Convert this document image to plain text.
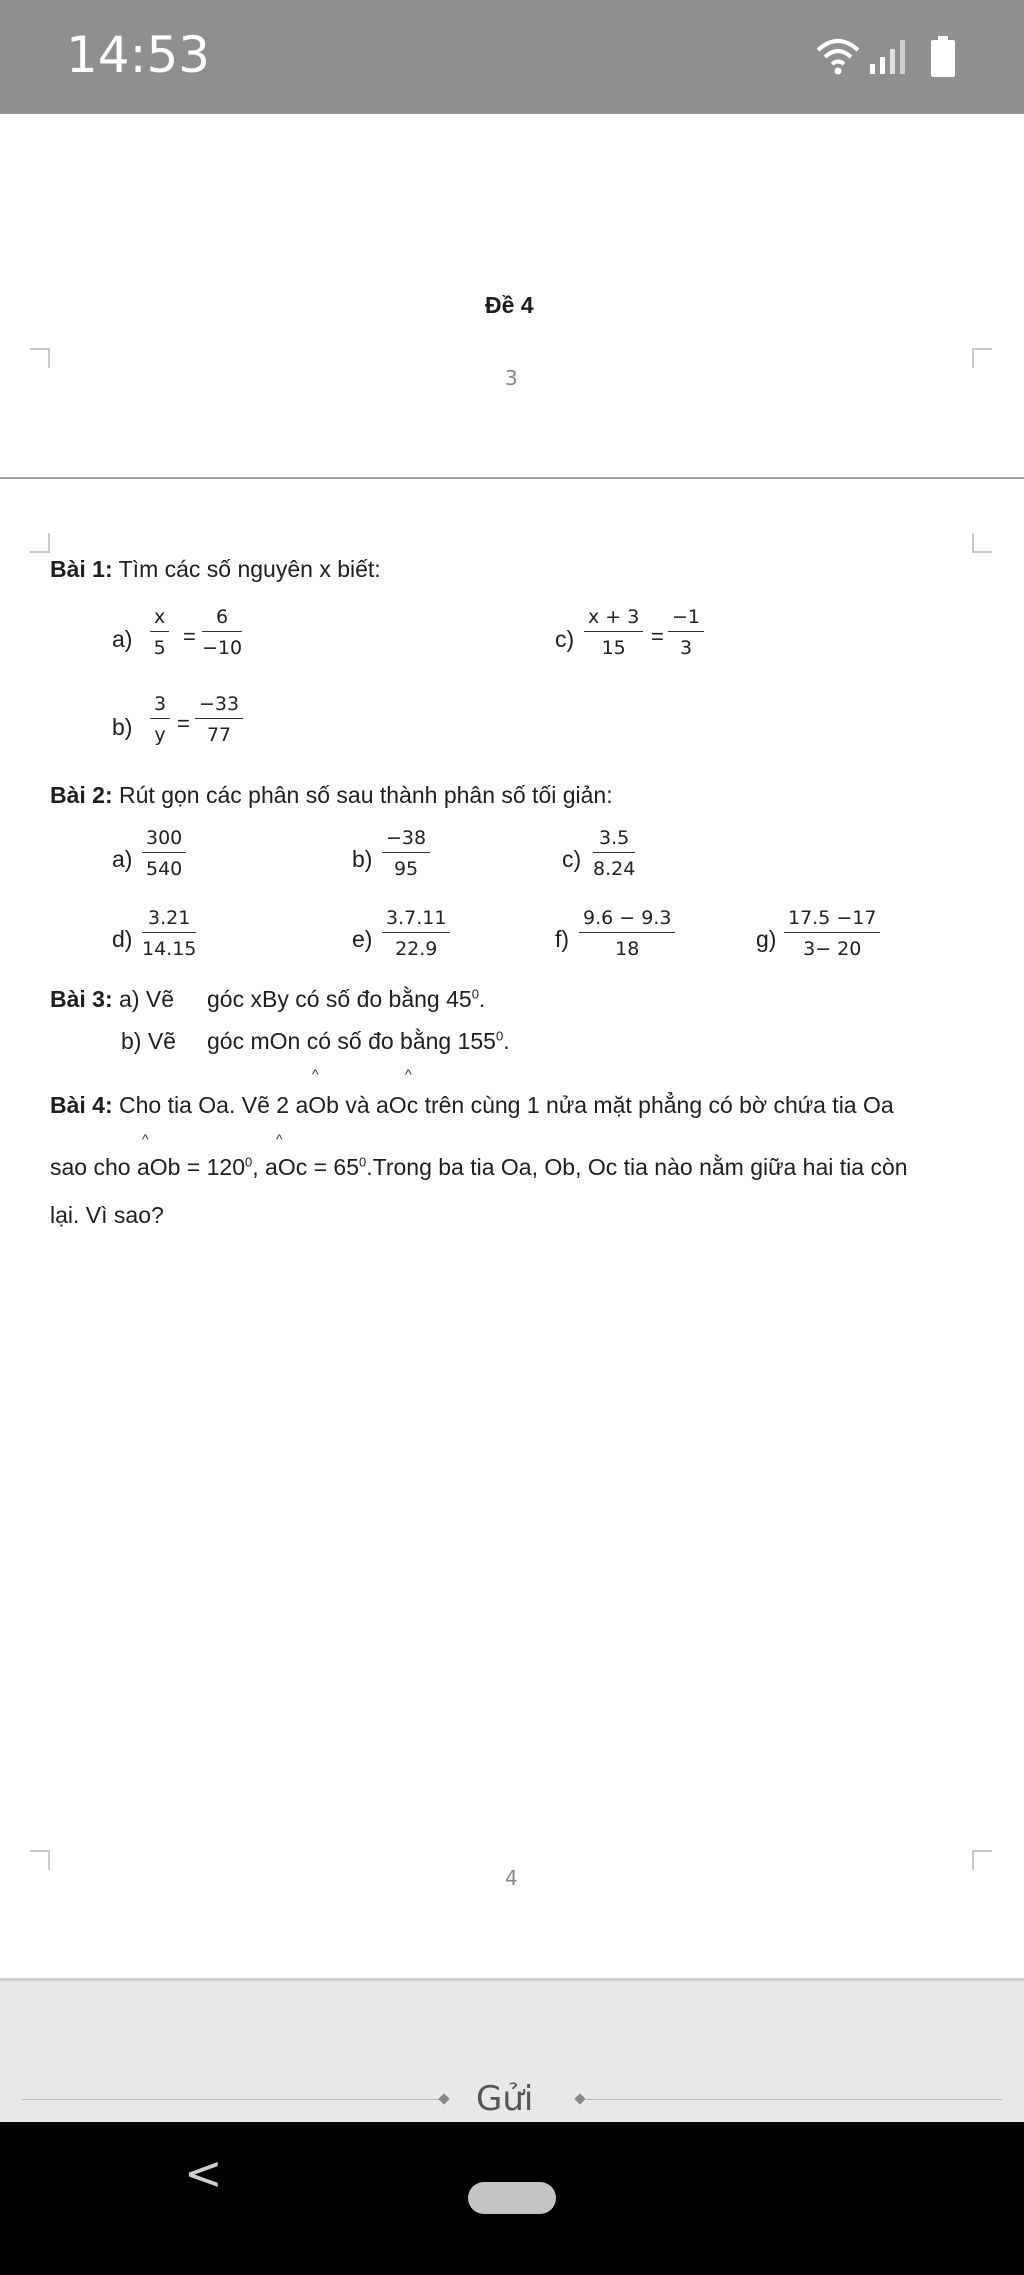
14:53
Đề 4
3
Bài 1: Tìm các số nguyên x biết:
$a) \frac{x}{5} = \frac{6}{-10}$	$c) \frac{x + 3}{15} = \frac{-1}{3}$
$b) \frac{3}{y} = \frac{-33}{77}$
Bài 2: Rút gọn các phân số sau thành phân số tối giản:
$a) \frac{300}{540}$	$b) \frac{-38}{95}$	$c) \frac{3.5}{8.24}$
$d) \frac{3.21}{14.15}$	$e) \frac{3.7.11}{22.9}$	$f) \frac{9.6 - 9.3}{18}$	$g) \frac{17.5 -17}{3- 20}$
Bài 3: a) Vẽ góc xBy có số đo bằng $45^0$.
b) Vẽ góc mOn có số đo bằng $155^0$.
^	^
Bài 4: Cho tia Oa. Vẽ 2 aOb và aOc trên cùng 1 nửa mặt phẳng có bờ chứa tia Oa
^	^
sao cho aOb = $120^0$, aOc = $65^0.Trong$ ba tia Oa, Ob, Oc tia nào nằm giữa hai tia còn
lại. Vì sao?
4
Gửi
<
